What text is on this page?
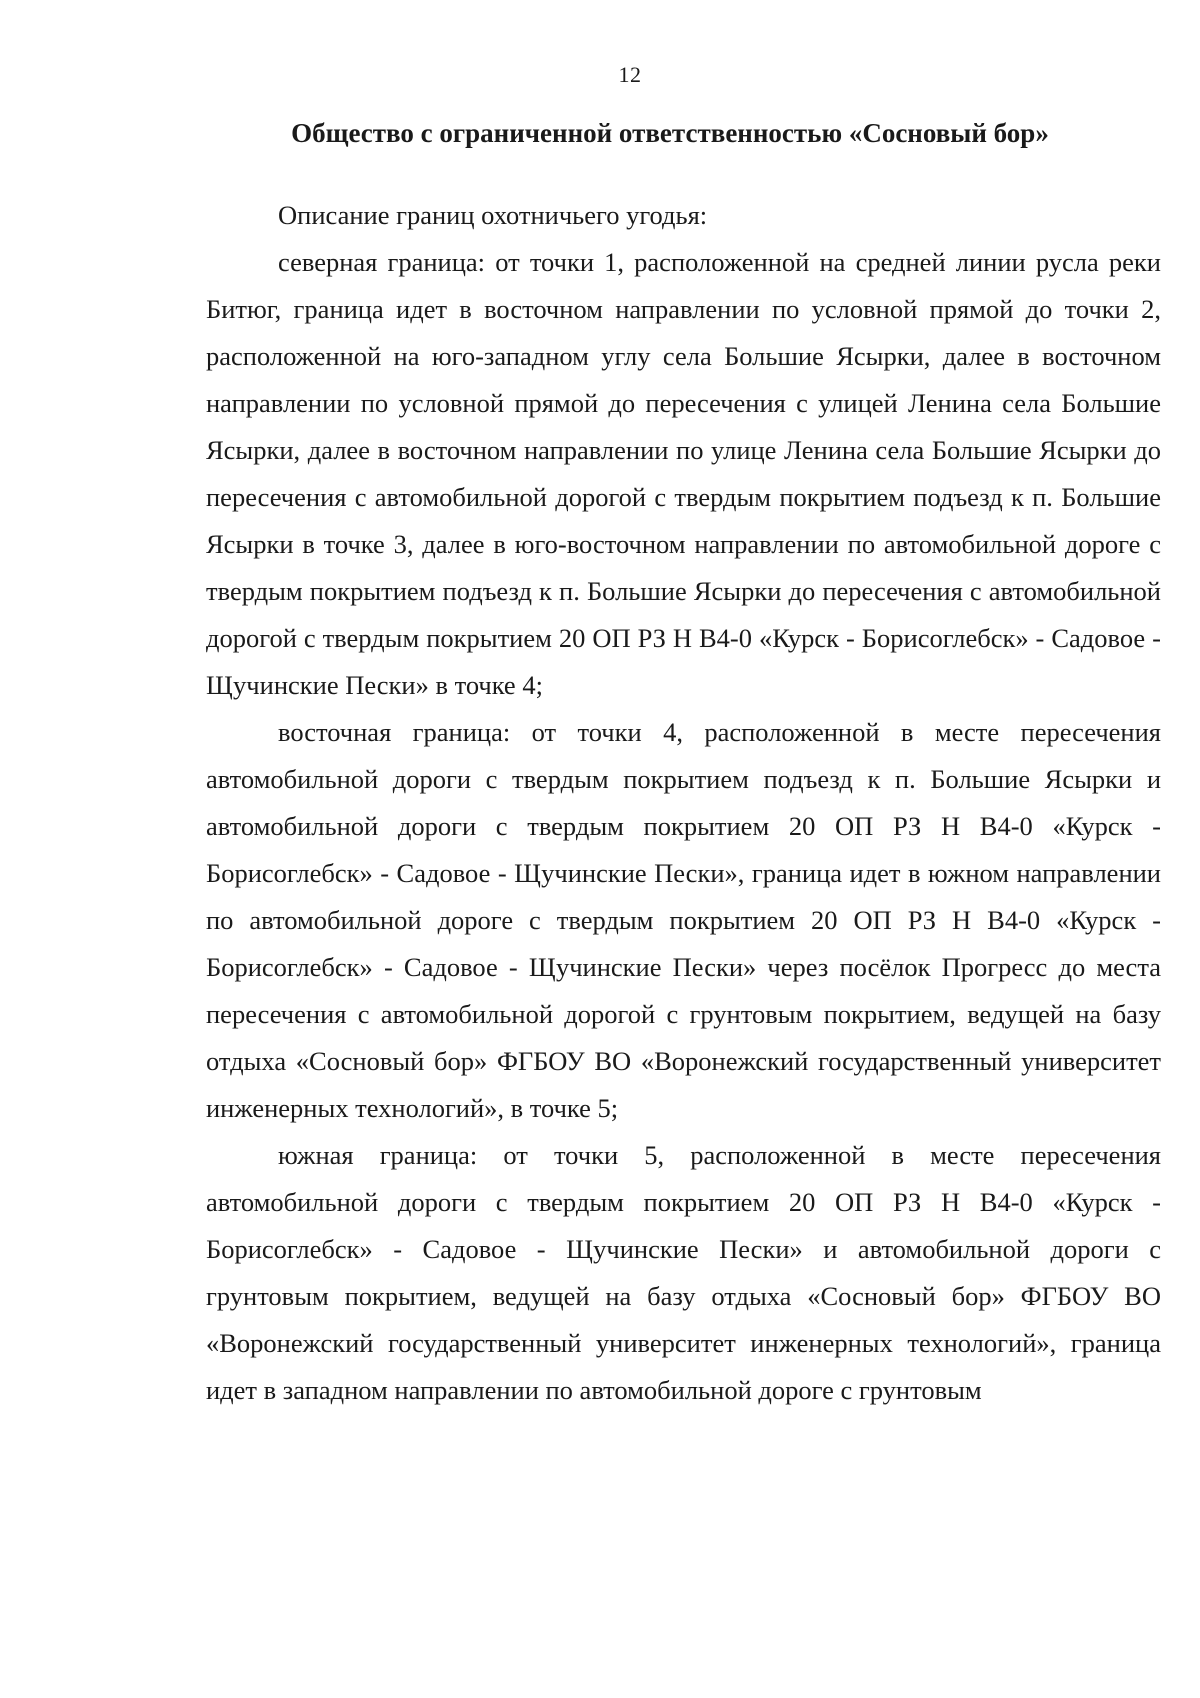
12
Общество с ограниченной ответственностью «Сосновый бор»

Описание границ охотничьего угодья:

северная граница: от точки 1, расположенной на средней линии русла реки Битюг, граница идет в восточном направлении по условной прямой до точки 2, расположенной на юго-западном углу села Большие Ясырки, далее в восточном направлении по условной прямой до пересечения с улицей Ленина села Большие Ясырки, далее в восточном направлении по улице Ленина села Большие Ясырки до пересечения с автомобильной дорогой с твердым покрытием подъезд к п. Большие Ясырки в точке 3, далее в юго-восточном направлении по автомобильной дороге с твердым покрытием подъезд к п. Большие Ясырки до пересечения с автомобильной дорогой с твердым покрытием 20 ОП РЗ Н В4-0 «Курск - Борисоглебск» - Садовое - Щучинские Пески» в точке 4;

восточная граница: от точки 4, расположенной в месте пересечения автомобильной дороги с твердым покрытием подъезд к п. Большие Ясырки и автомобильной дороги с твердым покрытием 20 ОП РЗ Н В4-0 «Курск - Борисоглебск» - Садовое - Щучинские Пески», граница идет в южном направлении по автомобильной дороге с твердым покрытием 20 ОП РЗ Н В4-0 «Курск - Борисоглебск» - Садовое - Щучинские Пески» через посёлок Прогресс до места пересечения с автомобильной дорогой с грунтовым покрытием, ведущей на базу отдыха «Сосновый бор» ФГБОУ ВО «Воронежский государственный университет инженерных технологий», в точке 5;

южная граница: от точки 5, расположенной в месте пересечения автомобильной дороги с твердым покрытием 20 ОП РЗ Н В4-0 «Курск - Борисоглебск» - Садовое - Щучинские Пески» и автомобильной дороги с грунтовым покрытием, ведущей на базу отдыха «Сосновый бор» ФГБОУ ВО «Воронежский государственный университет инженерных технологий», граница идет в западном направлении по автомобильной дороге с грунтовым
